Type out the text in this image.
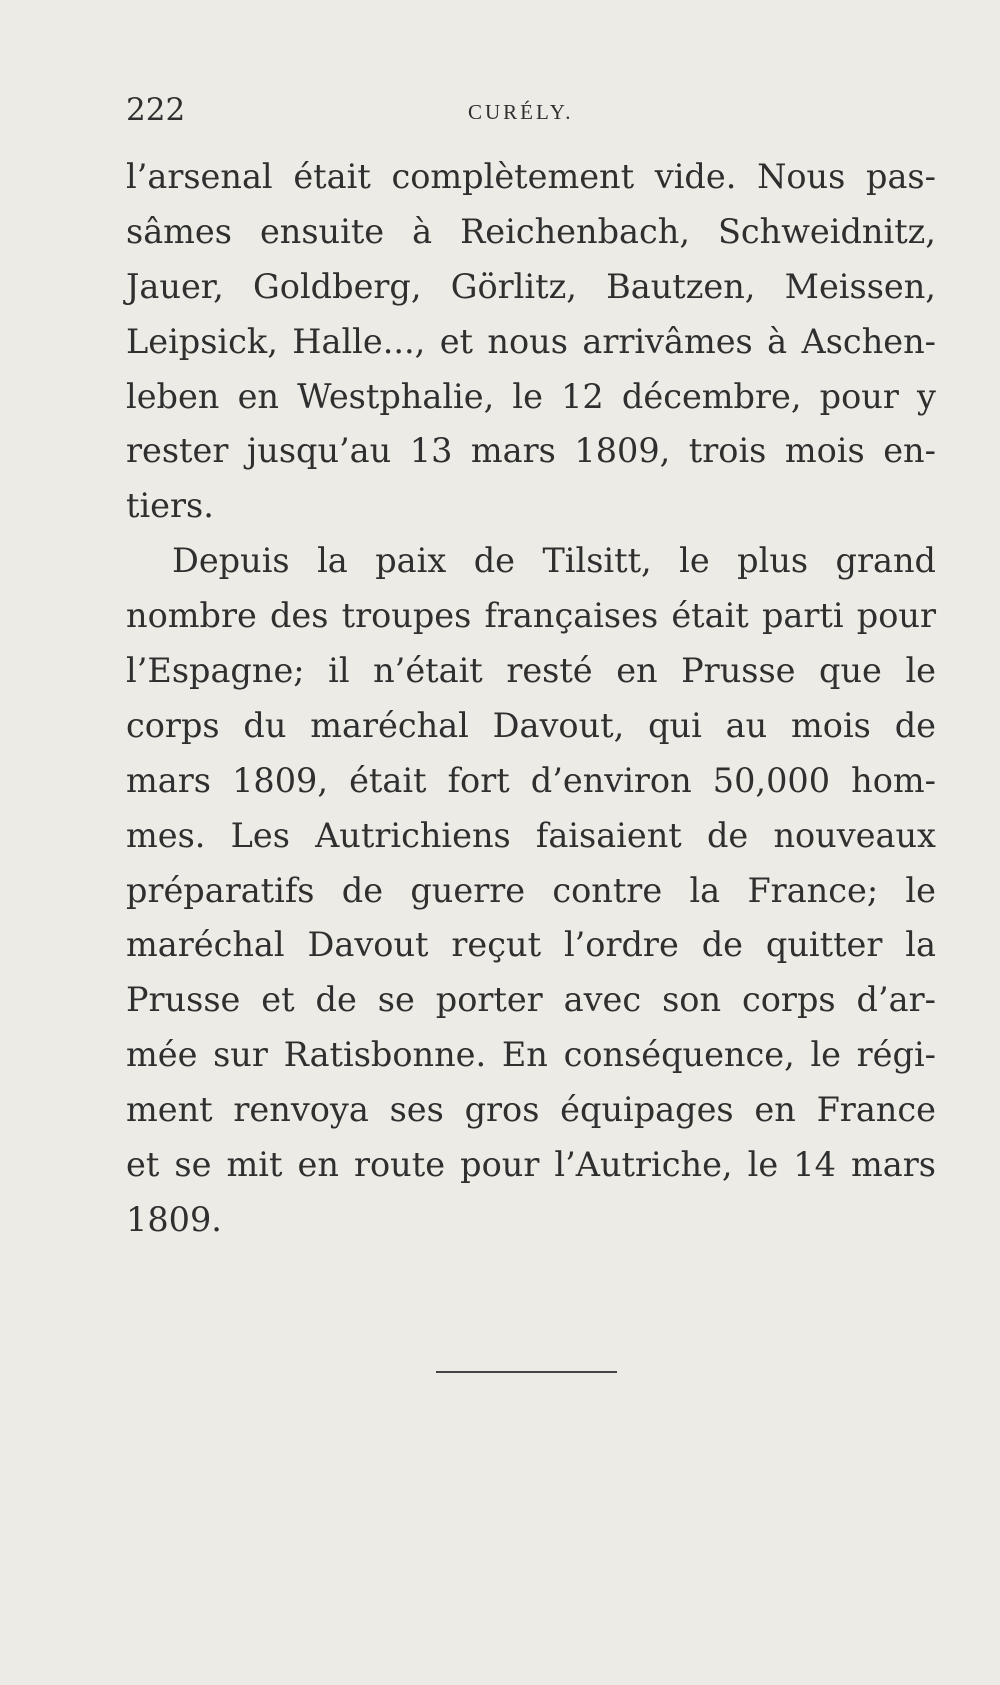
222	CURÉLY.
l’arsenal était complètement vide. Nous pas-
sâmes ensuite à Reichenbach, Schweidnitz,
Jauer, Goldberg, Görlitz, Bautzen, Meissen,
Leipsick, Halle..., et nous arrivâmes à Aschen-
leben en Westphalie, le 12 décembre, pour y
rester jusqu’au 13 mars 1809, trois mois en-
tiers.
Depuis la paix de Tilsitt, le plus grand
nombre des troupes françaises était parti pour
l’Espagne; il n’était resté en Prusse que le
corps du maréchal Davout, qui au mois de
mars 1809, était fort d’environ 50,000 hom-
mes. Les Autrichiens faisaient de nouveaux
préparatifs de guerre contre la France; le
maréchal Davout reçut l’ordre de quitter la
Prusse et de se porter avec son corps d’ar-
mée sur Ratisbonne. En conséquence, le régi-
ment renvoya ses gros équipages en France
et se mit en route pour l’Autriche, le 14 mars
1809.
